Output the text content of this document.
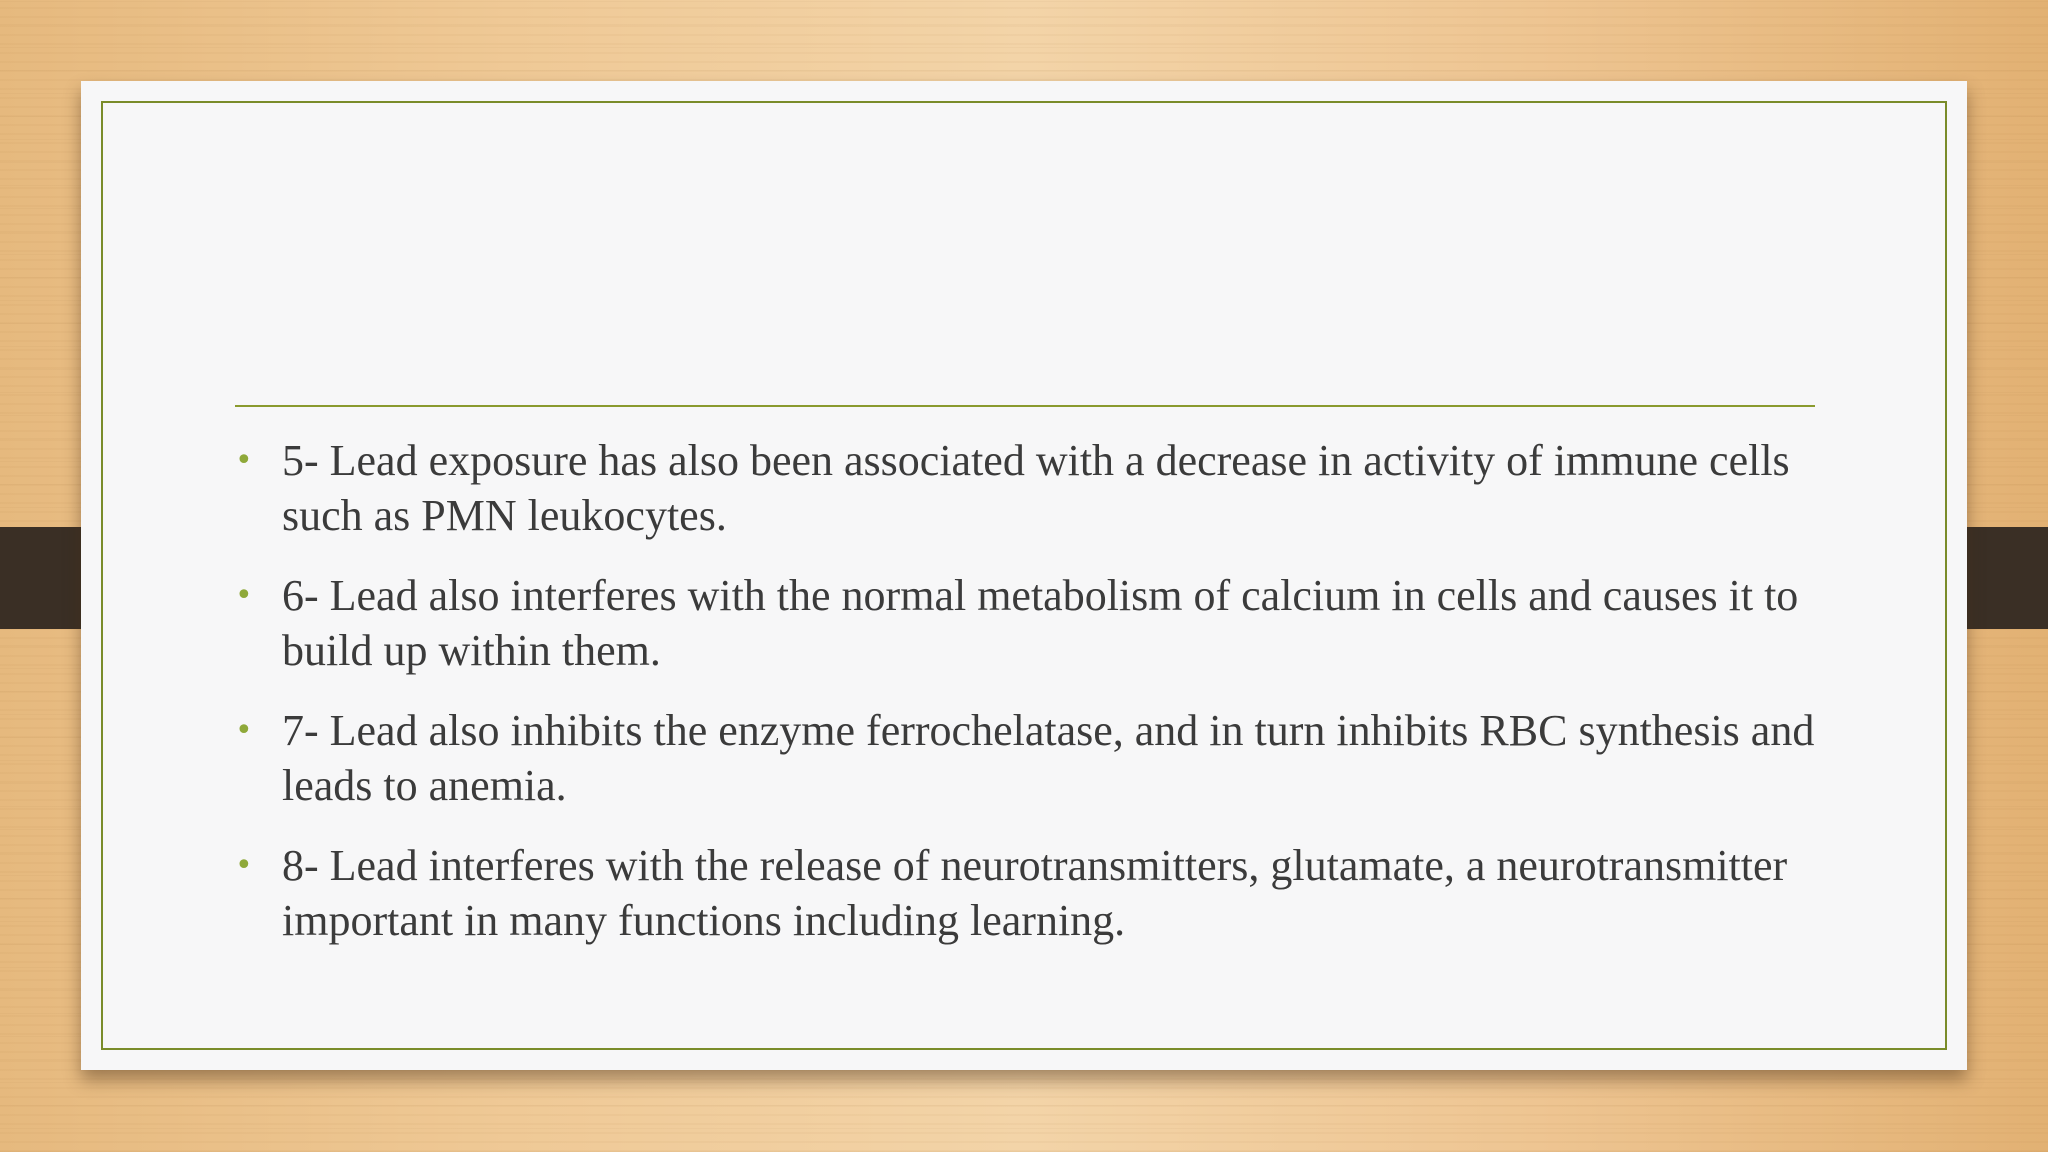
• 5- Lead exposure has also been associated with a decrease in activity of immune cells such as PMN leukocytes.
• 6- Lead also interferes with the normal metabolism of calcium in cells and causes it to build up within them.
• 7- Lead also inhibits the enzyme ferrochelatase, and in turn inhibits RBC synthesis and leads to anemia.
• 8- Lead interferes with the release of neurotransmitters, glutamate, a neurotransmitter important in many functions including learning.
